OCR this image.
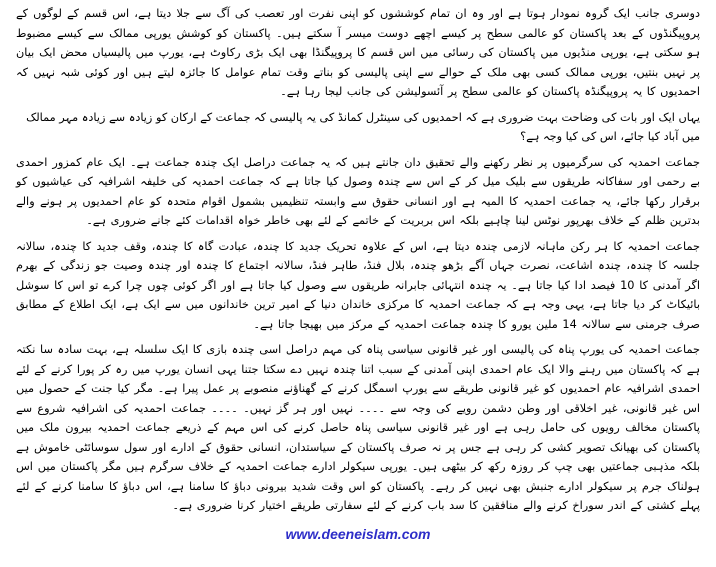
دوسری جانب ایک گروہ نمودار ہوتا ہے اور وہ ان تمام کوششوں کو اپنی نفرت اور تعصب کی آگ سے جلا دیتا ہے، اس قسم کے لوگوں کے پروپیگنڈوں کے بعد پاکستان کو عالمی سطح پر کیسے اچھے دوست میسر آ سکتے ہیں۔ پاکستان کو کوشش یورپی ممالک سے کیسے مضبوط ہو سکتی ہے، یورپی منڈیوں میں پاکستان کی رسائی میں اس قسم کا پروپیگنڈا بھی ایک بڑی رکاوٹ ہے، یورپ میں پالیسیاں محض ایک بیان پر نہیں بنتیں، یورپی ممالک کسی بھی ملک کے حوالے سے اپنی پالیسی کو بناتے وقت تمام عوامل کا جائزہ لیتے ہیں اور کوئی شبہ نہیں کہ احمدیوں کا یہ پروپیگنڈہ پاکستان کو عالمی سطح پر آئسولیشن کی جانب لیجا رہا ہے۔

یہاں ایک اور بات کی وضاحت بہت ضروری ہے کہ احمدیوں کی سینٹرل کمانڈ کی یہ پالیسی کہ جماعت کے ارکان کو زیادہ سے زیادہ مہر ممالک میں آباد کیا جائے، اس کی کیا وجہ ہے؟

جماعت احمدیہ کی سرگرمیوں پر نظر رکھنے والے تحقیق دان جانتے ہیں کہ یہ جماعت دراصل ایک چندہ جماعت ہے۔ ایک عام کمزور احمدی بے رحمی اور سفاکانہ طریقوں سے بلیک میل کر کے اس سے چندہ وصول کیا جاتا ہے کہ جماعت احمدیہ کی خلیفہ اشرافیہ کی عیاشیوں کو برقرار رکھا جائے، یہ جماعت احمدیہ کا المیہ ہے اور انسانی حقوق سے وابستہ تنظیمیں بشمول اقوام متحدہ کو عام احمدیوں پر ہونے والے بدترین ظلم کے خلاف بھرپور نوٹس لینا چاہیے بلکہ اس بربریت کے خاتمے کے لئے بھی خاطر خواہ اقدامات کئے جانے ضروری ہے۔

جماعت احمدیہ کا ہر رکن ماہانہ لازمی چندہ دیتا ہے، اس کے علاوہ تحریک جدید کا چندہ، عبادت گاہ کا چندہ، وقف جدید کا چندہ، سالانہ جلسہ کا چندہ، چندہ اشاعت، نصرت جہاں آگے بڑھو چندہ، بلال فنڈ، طاہر فنڈ، سالانہ اجتماع کا چندہ اور چندہ وصیت جو زندگی کے بھرم اگر آمدنی کا 10 فیصد ادا کیا جاتا ہے۔ یہ چندہ انتہائی جابرانہ طریقوں سے وصول کیا جاتا ہے اور اگر کوئی چوں چرا کرے تو اس کا سوشل بائیکاٹ کر دیا جاتا ہے، یہی وجہ ہے کہ جماعت احمدیہ کا مرکزی خاندان دنیا کے امیر ترین خاندانوں میں سے ایک ہے، ایک اطلاع کے مطابق صرف جرمنی سے سالانہ 14 ملین یورو کا چندہ جماعت احمدیہ کے مرکز میں بھیجا جاتا ہے۔

جماعت احمدیہ کی یورپ پناہ کی پالیسی اور غیر قانونی سیاسی پناہ کی مہم دراصل اسی چندہ بازی کا ایک سلسلہ ہے، بہت سادہ سا نکتہ ہے کہ پاکستان میں رہنے والا ایک عام احمدی اپنی آمدنی کے سبب اتنا چندہ نہیں دے سکتا جتنا یہی انسان یورپ میں رہ کر پورا کرنے کے لئے احمدی اشرافیہ عام احمدیوں کو غیر قانونی طریقے سے یورپ اسمگل کرنے کے گھناؤنے منصوبے پر عمل پیرا ہے۔ مگر کیا جنت کے حصول میں اس غیر قانونی، غیر اخلاقی اور وطن دشمن رویے کی وجہ سے ۔۔۔۔ نہیں اور ہر گز نہیں۔ ۔۔۔۔ جماعت احمدیہ کی اشرافیہ شروع سے پاکستان مخالف رویوں کی حامل رہی ہے اور غیر قانونی سیاسی پناہ حاصل کرنے کی اس مہم کے ذریعے جماعت احمدیہ بیرون ملک میں پاکستان کی بھیانک تصویر کشی کر رہی ہے جس پر نہ صرف پاکستان کے سیاستدان، انسانی حقوق کے ادارے اور سول سوسائٹی خاموش ہے بلکہ مذہبی جماعتیں بھی چپ کر روزہ رکھ کر بیٹھی ہیں۔ یورپی سیکولر ادارے جماعت احمدیہ کے خلاف سرگرم ہیں مگر پاکستان میں اس ہولناک جرم پر سیکولر ادارے جنبش بھی نہیں کر رہے۔ پاکستان کو اس وقت شدید بیرونی دباؤ کا سامنا ہے، اس دباؤ کا سامنا کرنے کے لئے پہلے کشتی کے اندر سوراخ کرنے والے منافقین کا سد باب کرنے کے لئے سفارتی طریقے اختیار کرنا ضروری ہے۔

www.deeneislam.com
